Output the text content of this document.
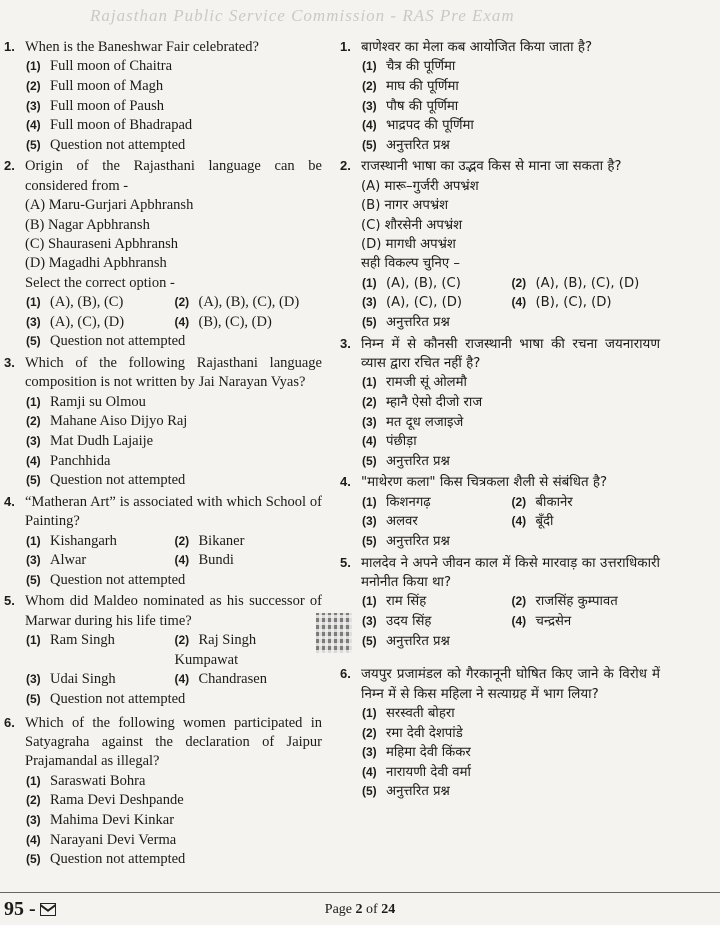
Rajasthan Public Service Commission - RAS Pre Exam
1. When is the Baneshwar Fair celebrated?
(1) Full moon of Chaitra
(2) Full moon of Magh
(3) Full moon of Paush
(4) Full moon of Bhadrapad
(5) Question not attempted
2. Origin of the Rajasthani language can be considered from -
(A) Maru-Gurjari Apbhransh
(B) Nagar Apbhransh
(C) Shauraseni Apbhransh
(D) Magadhi Apbhransh
Select the correct option -
(1) (A), (B), (C)	(2) (A), (B), (C), (D)
(3) (A), (C), (D)	(4) (B), (C), (D)
(5) Question not attempted
3. Which of the following Rajasthani language composition is not written by Jai Narayan Vyas?
(1) Ramji su Olmou
(2) Mahane Aiso Dijyo Raj
(3) Mat Dudh Lajaije
(4) Panchhida
(5) Question not attempted
4. “Matheran Art” is associated with which School of Painting?
(1) Kishangarh	(2) Bikaner
(3) Alwar	(4) Bundi
(5) Question not attempted
5. Whom did Maldeo nominated as his successor of Marwar during his life time?
(1) Ram Singh	(2) Raj Singh Kumpawat
(3) Udai Singh	(4) Chandrasen
(5) Question not attempted
6. Which of the following women participated in Satyagraha against the declaration of Jaipur Prajamandal as illegal?
(1) Saraswati Bohra
(2) Rama Devi Deshpande
(3) Mahima Devi Kinkar
(4) Narayani Devi Verma
(5) Question not attempted
1. बाणेश्वर का मेला कब आयोजित किया जाता है?
(1) चैत्र की पूर्णिमा
(2) माघ की पूर्णिमा
(3) पौष की पूर्णिमा
(4) भाद्रपद की पूर्णिमा
(5) अनुत्तरित प्रश्न
2. राजस्थानी भाषा का उद्भव किस से माना जा सकता है?
(A) मारू–गुर्जरी अपभ्रंश
(B) नागर अपभ्रंश
(C) शौरसेनी अपभ्रंश
(D) मागधी अपभ्रंश
सही विकल्प चुनिए –
(1) (A), (B), (C)	(2) (A), (B), (C), (D)
(3) (A), (C), (D)	(4) (B), (C), (D)
(5) अनुत्तरित प्रश्न
3. निम्न में से कौनसी राजस्थानी भाषा की रचना जयनारायण व्यास द्वारा रचित नहीं है?
(1) रामजी सूं ओलमौ
(2) म्हानै ऐसो दीजो राज
(3) मत दूध लजाइजे
(4) पंछीड़ा
(5) अनुत्तरित प्रश्न
4. "माथेरण कला" किस चित्रकला शैली से संबंधित है?
(1) किशनगढ़	(2) बीकानेर
(3) अलवर	(4) बूँदी
(5) अनुत्तरित प्रश्न
5. मालदेव ने अपने जीवन काल में किसे मारवाड़ का उत्तराधिकारी मनोनीत किया था?
(1) राम सिंह	(2) राजसिंह कुम्पावत
(3) उदय सिंह	(4) चन्द्रसेन
(5) अनुत्तरित प्रश्न
6. जयपुर प्रजामंडल को गैरकानूनी घोषित किए जाने के विरोध में निम्न में से किस महिला ने सत्याग्रह में भाग लिया?
(1) सरस्वती बोहरा
(2) रमा देवी देशपांडे
(3) महिमा देवी किंकर
(4) नारायणी देवी वर्मा
(5) अनुत्तरित प्रश्न
95 -	Page 2 of 24
